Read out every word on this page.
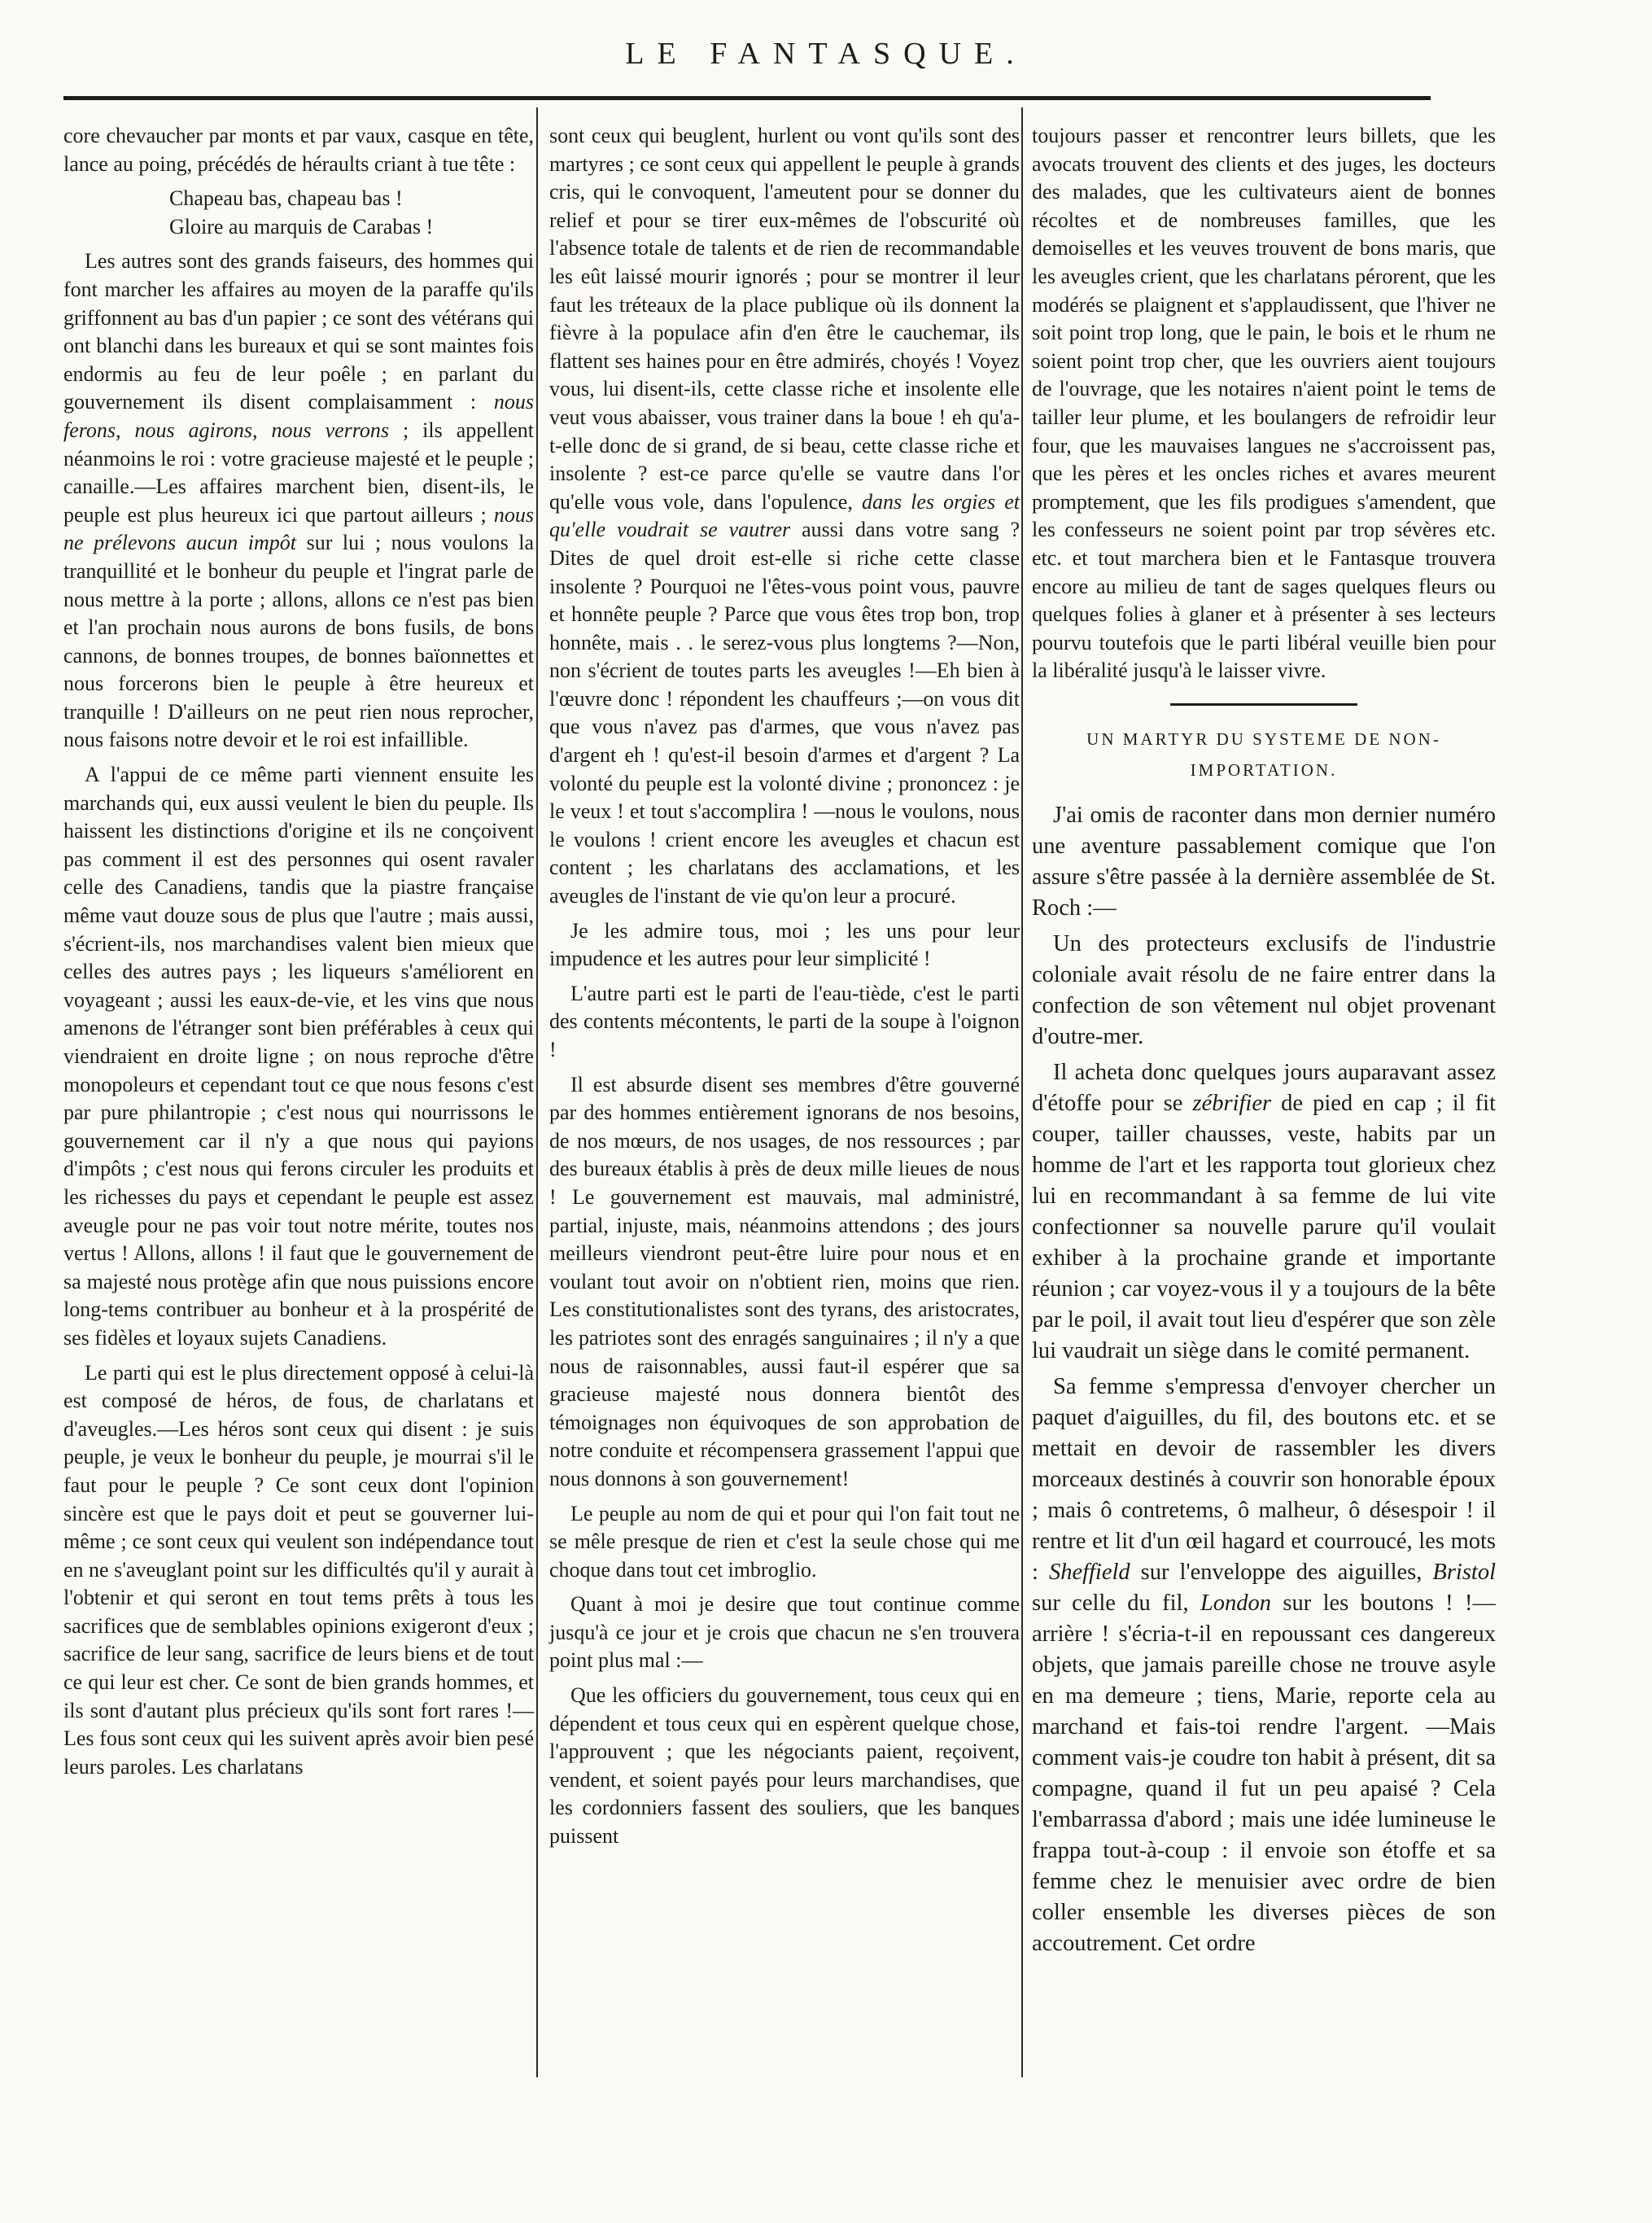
LE FANTASQUE.

core chevaucher par monts et par vaux, casque en tête, lance au poing, précédés de héraults criant à tue tête :

Chapeau bas, chapeau bas !

Gloire au marquis de Carabas !

Les autres sont des grands faiseurs, des hommes qui font marcher les affaires au moyen de la paraffe qu'ils griffonnent au bas d'un papier ; ce sont des vétérans qui ont blanchi dans les bureaux et qui se sont maintes fois endormis au feu de leur poêle ; en parlant du gouvernement ils disent complaisamment : nous ferons, nous agirons, nous verrons ; ils appellent néanmoins le roi : votre gracieuse majesté et le peuple ; canaille.—Les affaires marchent bien, disent-ils, le peuple est plus heureux ici que partout ailleurs ; nous ne prélevons aucun impôt sur lui ; nous voulons la tranquillité et le bonheur du peuple et l'ingrat parle de nous mettre à la porte ; allons, allons ce n'est pas bien et l'an prochain nous aurons de bons fusils, de bons cannons, de bonnes troupes, de bonnes baïonnettes et nous forcerons bien le peuple à être heureux et tranquille ! D'ailleurs on ne peut rien nous reprocher, nous faisons notre devoir et le roi est infaillible.

A l'appui de ce même parti viennent ensuite les marchands qui, eux aussi veulent le bien du peuple. Ils haissent les distinctions d'origine et ils ne conçoivent pas comment il est des personnes qui osent ravaler celle des Canadiens, tandis que la piastre française même vaut douze sous de plus que l'autre ; mais aussi, s'écrient-ils, nos marchandises valent bien mieux que celles des autres pays ; les liqueurs s'améliorent en voyageant ; aussi les eaux-de-vie, et les vins que nous amenons de l'étranger sont bien préférables à ceux qui viendraient en droite ligne ; on nous reproche d'être monopoleurs et cependant tout ce que nous fesons c'est par pure philantropie ; c'est nous qui nourrissons le gouvernement car il n'y a que nous qui payions d'impôts ; c'est nous qui ferons circuler les produits et les richesses du pays et cependant le peuple est assez aveugle pour ne pas voir tout notre mérite, toutes nos vertus ! Allons, allons ! il faut que le gouvernement de sa majesté nous protège afin que nous puissions encore long-tems contribuer au bonheur et à la prospérité de ses fidèles et loyaux sujets Canadiens.

Le parti qui est le plus directement opposé à celui-là est composé de héros, de fous, de charlatans et d'aveugles.—Les héros sont ceux qui disent : je suis peuple, je veux le bonheur du peuple, je mourrai s'il le faut pour le peuple ? Ce sont ceux dont l'opinion sincère est que le pays doit et peut se gouverner lui-même ; ce sont ceux qui veulent son indépendance tout en ne s'aveuglant point sur les difficultés qu'il y aurait à l'obtenir et qui seront en tout tems prêts à tous les sacrifices que de semblables opinions exigeront d'eux ; sacrifice de leur sang, sacrifice de leurs biens et de tout ce qui leur est cher. Ce sont de bien grands hommes, et ils sont d'autant plus précieux qu'ils sont fort rares !—Les fous sont ceux qui les suivent après avoir bien pesé leurs paroles. Les charlatans

sont ceux qui beuglent, hurlent ou vont qu'ils sont des martyres ; ce sont ceux qui appellent le peuple à grands cris, qui le convoquent, l'ameutent pour se donner du relief et pour se tirer eux-mêmes de l'obscurité où l'absence totale de talents et de rien de recommandable les eût laissé mourir ignorés ; pour se montrer il leur faut les tréteaux de la place publique où ils donnent la fièvre à la populace afin d'en être le cauchemar, ils flattent ses haines pour en être admirés, choyés ! Voyez vous, lui disent-ils, cette classe riche et insolente elle veut vous abaisser, vous trainer dans la boue ! eh qu'a-t-elle donc de si grand, de si beau, cette classe riche et insolente ? est-ce parce qu'elle se vautre dans l'or qu'elle vous vole, dans l'opulence, dans les orgies et qu'elle voudrait se vautrer aussi dans votre sang ? Dites de quel droit est-elle si riche cette classe insolente ? Pourquoi ne l'êtes-vous point vous, pauvre et honnête peuple ? Parce que vous êtes trop bon, trop honnête, mais . . le serez-vous plus longtems ?—Non, non s'écrient de toutes parts les aveugles !—Eh bien à l'œuvre donc ! répondent les chauffeurs ;—on vous dit que vous n'avez pas d'armes, que vous n'avez pas d'argent eh ! qu'est-il besoin d'armes et d'argent ? La volonté du peuple est la volonté divine ; prononcez : je le veux ! et tout s'accomplira ! —nous le voulons, nous le voulons ! crient encore les aveugles et chacun est content ; les charlatans des acclamations, et les aveugles de l'instant de vie qu'on leur a procuré.

Je les admire tous, moi ; les uns pour leur impudence et les autres pour leur simplicité !

L'autre parti est le parti de l'eau-tiède, c'est le parti des contents mécontents, le parti de la soupe à l'oignon !

Il est absurde disent ses membres d'être gouverné par des hommes entièrement ignorans de nos besoins, de nos mœurs, de nos usages, de nos ressources ; par des bureaux établis à près de deux mille lieues de nous ! Le gouvernement est mauvais, mal administré, partial, injuste, mais, néanmoins attendons ; des jours meilleurs viendront peut-être luire pour nous et en voulant tout avoir on n'obtient rien, moins que rien. Les constitutionalistes sont des tyrans, des aristocrates, les patriotes sont des enragés sanguinaires ; il n'y a que nous de raisonnables, aussi faut-il espérer que sa gracieuse majesté nous donnera bientôt des témoignages non équivoques de son approbation de notre conduite et récompensera grassement l'appui que nous donnons à son gouvernement!

Le peuple au nom de qui et pour qui l'on fait tout ne se mêle presque de rien et c'est la seule chose qui me choque dans tout cet imbroglio.

Quant à moi je desire que tout continue comme jusqu'à ce jour et je crois que chacun ne s'en trouvera point plus mal :—

Que les officiers du gouvernement, tous ceux qui en dépendent et tous ceux qui en espèrent quelque chose, l'approuvent ; que les négociants paient, reçoivent, vendent, et soient payés pour leurs marchandises, que les cordonniers fassent des souliers, que les banques puissent

toujours passer et rencontrer leurs billets, que les avocats trouvent des clients et des juges, les docteurs des malades, que les cultivateurs aient de bonnes récoltes et de nombreuses familles, que les demoiselles et les veuves trouvent de bons maris, que les aveugles crient, que les charlatans pérorent, que les modérés se plaignent et s'applaudissent, que l'hiver ne soit point trop long, que le pain, le bois et le rhum ne soient point trop cher, que les ouvriers aient toujours de l'ouvrage, que les notaires n'aient point le tems de tailler leur plume, et les boulangers de refroidir leur four, que les mauvaises langues ne s'accroissent pas, que les pères et les oncles riches et avares meurent promptement, que les fils prodigues s'amendent, que les confesseurs ne soient point par trop sévères etc. etc. et tout marchera bien et le Fantasque trouvera encore au milieu de tant de sages quelques fleurs ou quelques folies à glaner et à présenter à ses lecteurs pourvu toutefois que le parti libéral veuille bien pour la libéralité jusqu'à le laisser vivre.

UN MARTYR DU SYSTEME DE NON-IMPORTATION.

J'ai omis de raconter dans mon dernier numéro une aventure passablement comique que l'on assure s'être passée à la dernière assemblée de St. Roch :—

Un des protecteurs exclusifs de l'industrie coloniale avait résolu de ne faire entrer dans la confection de son vêtement nul objet provenant d'outre-mer.

Il acheta donc quelques jours auparavant assez d'étoffe pour se zébrifier de pied en cap ; il fit couper, tailler chausses, veste, habits par un homme de l'art et les rapporta tout glorieux chez lui en recommandant à sa femme de lui vite confectionner sa nouvelle parure qu'il voulait exhiber à la prochaine grande et importante réunion ; car voyez-vous il y a toujours de la bête par le poil, il avait tout lieu d'espérer que son zèle lui vaudrait un siège dans le comité permanent.

Sa femme s'empressa d'envoyer chercher un paquet d'aiguilles, du fil, des boutons etc. et se mettait en devoir de rassembler les divers morceaux destinés à couvrir son honorable époux ; mais ô contretems, ô malheur, ô désespoir ! il rentre et lit d'un œil hagard et courroucé, les mots : Sheffield sur l'enveloppe des aiguilles, Bristol sur celle du fil, London sur les boutons ! !—arrière ! s'écria-t-il en repoussant ces dangereux objets, que jamais pareille chose ne trouve asyle en ma demeure ; tiens, Marie, reporte cela au marchand et fais-toi rendre l'argent. —Mais comment vais-je coudre ton habit à présent, dit sa compagne, quand il fut un peu apaisé ? Cela l'embarrassa d'abord ; mais une idée lumineuse le frappa tout-à-coup : il envoie son étoffe et sa femme chez le menuisier avec ordre de bien coller ensemble les diverses pièces de son accoutrement. Cet ordre
